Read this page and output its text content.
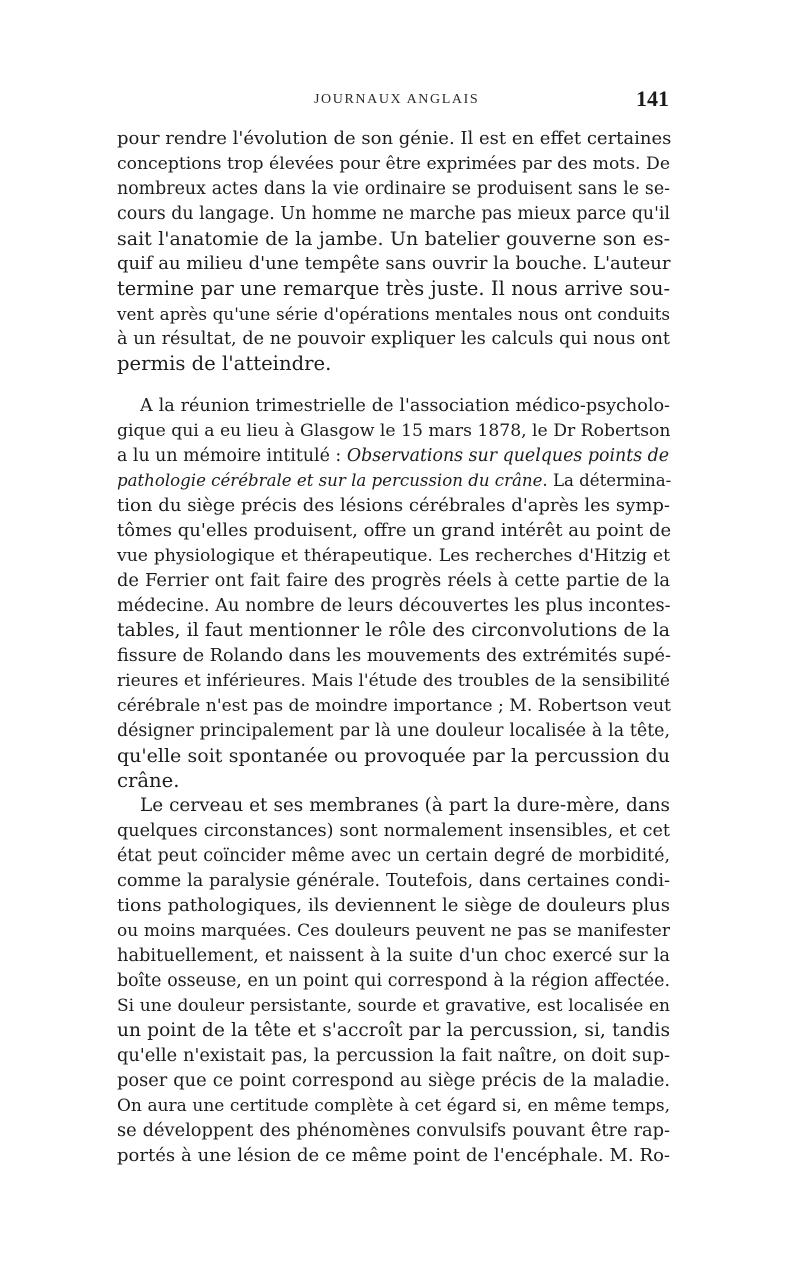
JOURNAUX ANGLAIS	141
pour rendre l'évolution de son génie. Il est en effet certaines
conceptions trop élevées pour être exprimées par des mots. De
nombreux actes dans la vie ordinaire se produisent sans le se-
cours du langage. Un homme ne marche pas mieux parce qu'il
sait l'anatomie de la jambe. Un batelier gouverne son es-
quif au milieu d'une tempête sans ouvrir la bouche. L'auteur
termine par une remarque très juste. Il nous arrive sou-
vent après qu'une série d'opérations mentales nous ont conduits
à un résultat, de ne pouvoir expliquer les calculs qui nous ont
permis de l'atteindre.
A la réunion trimestrielle de l'association médico-psycholo-
gique qui a eu lieu à Glasgow le 15 mars 1878, le Dr Robertson
a lu un mémoire intitulé : Observations sur quelques points de
pathologie cérébrale et sur la percussion du crâne. La détermina-
tion du siège précis des lésions cérébrales d'après les symp-
tômes qu'elles produisent, offre un grand intérêt au point de
vue physiologique et thérapeutique. Les recherches d'Hitzig et
de Ferrier ont fait faire des progrès réels à cette partie de la
médecine. Au nombre de leurs découvertes les plus incontes-
tables, il faut mentionner le rôle des circonvolutions de la
fissure de Rolando dans les mouvements des extrémités supé-
rieures et inférieures. Mais l'étude des troubles de la sensibilité
cérébrale n'est pas de moindre importance ; M. Robertson veut
désigner principalement par là une douleur localisée à la tête,
qu'elle soit spontanée ou provoquée par la percussion du
crâne.
Le cerveau et ses membranes (à part la dure-mère, dans
quelques circonstances) sont normalement insensibles, et cet
état peut coïncider même avec un certain degré de morbidité,
comme la paralysie générale. Toutefois, dans certaines condi-
tions pathologiques, ils deviennent le siège de douleurs plus
ou moins marquées. Ces douleurs peuvent ne pas se manifester
habituellement, et naissent à la suite d'un choc exercé sur la
boîte osseuse, en un point qui correspond à la région affectée.
Si une douleur persistante, sourde et gravative, est localisée en
un point de la tête et s'accroît par la percussion, si, tandis
qu'elle n'existait pas, la percussion la fait naître, on doit sup-
poser que ce point correspond au siège précis de la maladie.
On aura une certitude complète à cet égard si, en même temps,
se développent des phénomènes convulsifs pouvant être rap-
portés à une lésion de ce même point de l'encéphale. M. Ro-
